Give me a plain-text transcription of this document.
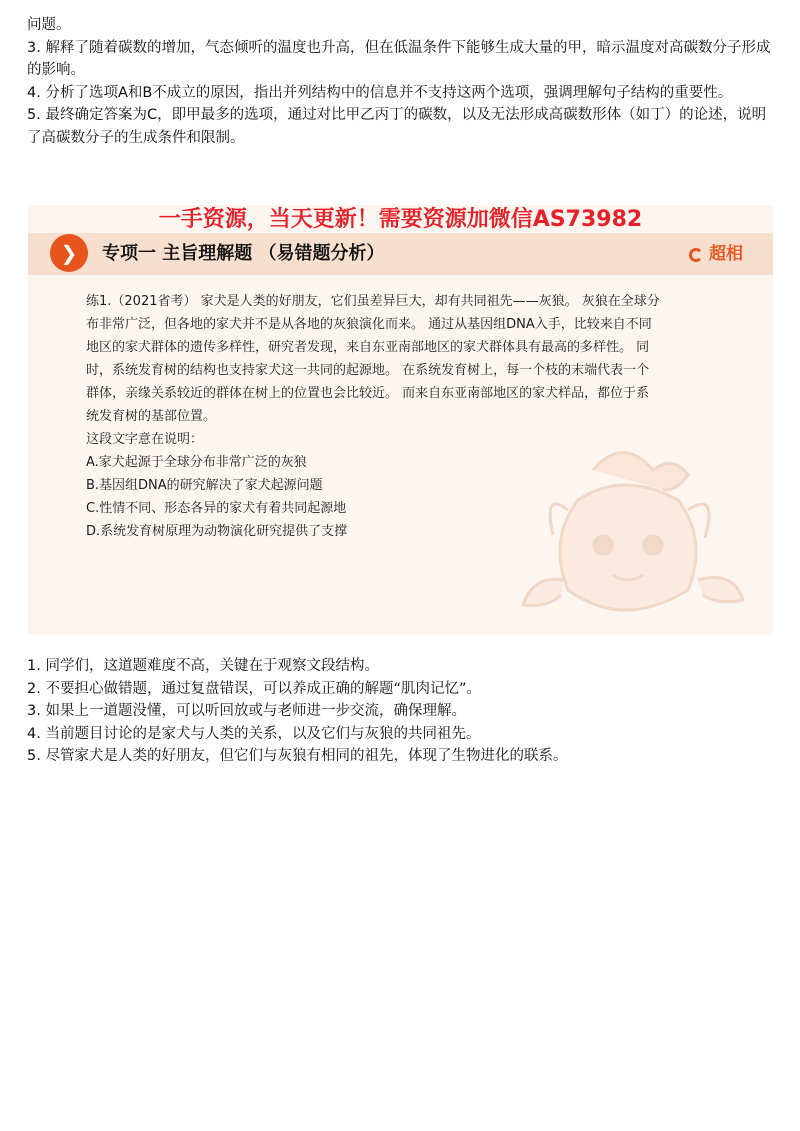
问题。

3. 解释了随着碳数的增加，气态倾听的温度也升高，但在低温条件下能够生成大量的甲，暗示温度对高碳数分子形成的影响。

4. 分析了选项A和B不成立的原因，指出并列结构中的信息并不支持这两个选项，强调理解句子结构的重要性。

5. 最终确定答案为C，即甲最多的选项，通过对比甲乙丙丁的碳数，以及无法形成高碳数形体（如丁）的论述，说明了高碳数分子的生成条件和限制。

一手资源，当天更新！需要资源加微信AS73982
❯	专项一 主旨理解题 （易错题分析）	超相

练1.（2021省考） 家犬是人类的好朋友，它们虽差异巨大，却有共同祖先——灰狼。 灰狼在全球分布非常广泛，但各地的家犬并不是从各地的灰狼演化而来。 通过从基因组DNA入手，比较来自不同地区的家犬群体的遗传多样性，研究者发现，来自东亚南部地区的家犬群体具有最高的多样性。 同时，系统发育树的结构也支持家犬这一共同的起源地。 在系统发育树上，每一个枝的末端代表一个群体，亲缘关系较近的群体在树上的位置也会比较近。 而来自东亚南部地区的家犬样品，都位于系统发育树的基部位置。

这段文字意在说明：

A.家犬起源于全球分布非常广泛的灰狼

B.基因组DNA的研究解决了家犬起源问题

C.性情不同、形态各异的家犬有着共同起源地

D.系统发育树原理为动物演化研究提供了支撑

1. 同学们，这道题难度不高，关键在于观察文段结构。

2. 不要担心做错题，通过复盘错误，可以养成正确的解题“肌肉记忆”。

3. 如果上一道题没懂，可以听回放或与老师进一步交流，确保理解。

4. 当前题目讨论的是家犬与人类的关系，以及它们与灰狼的共同祖先。

5. 尽管家犬是人类的好朋友，但它们与灰狼有相同的祖先，体现了生物进化的联系。
